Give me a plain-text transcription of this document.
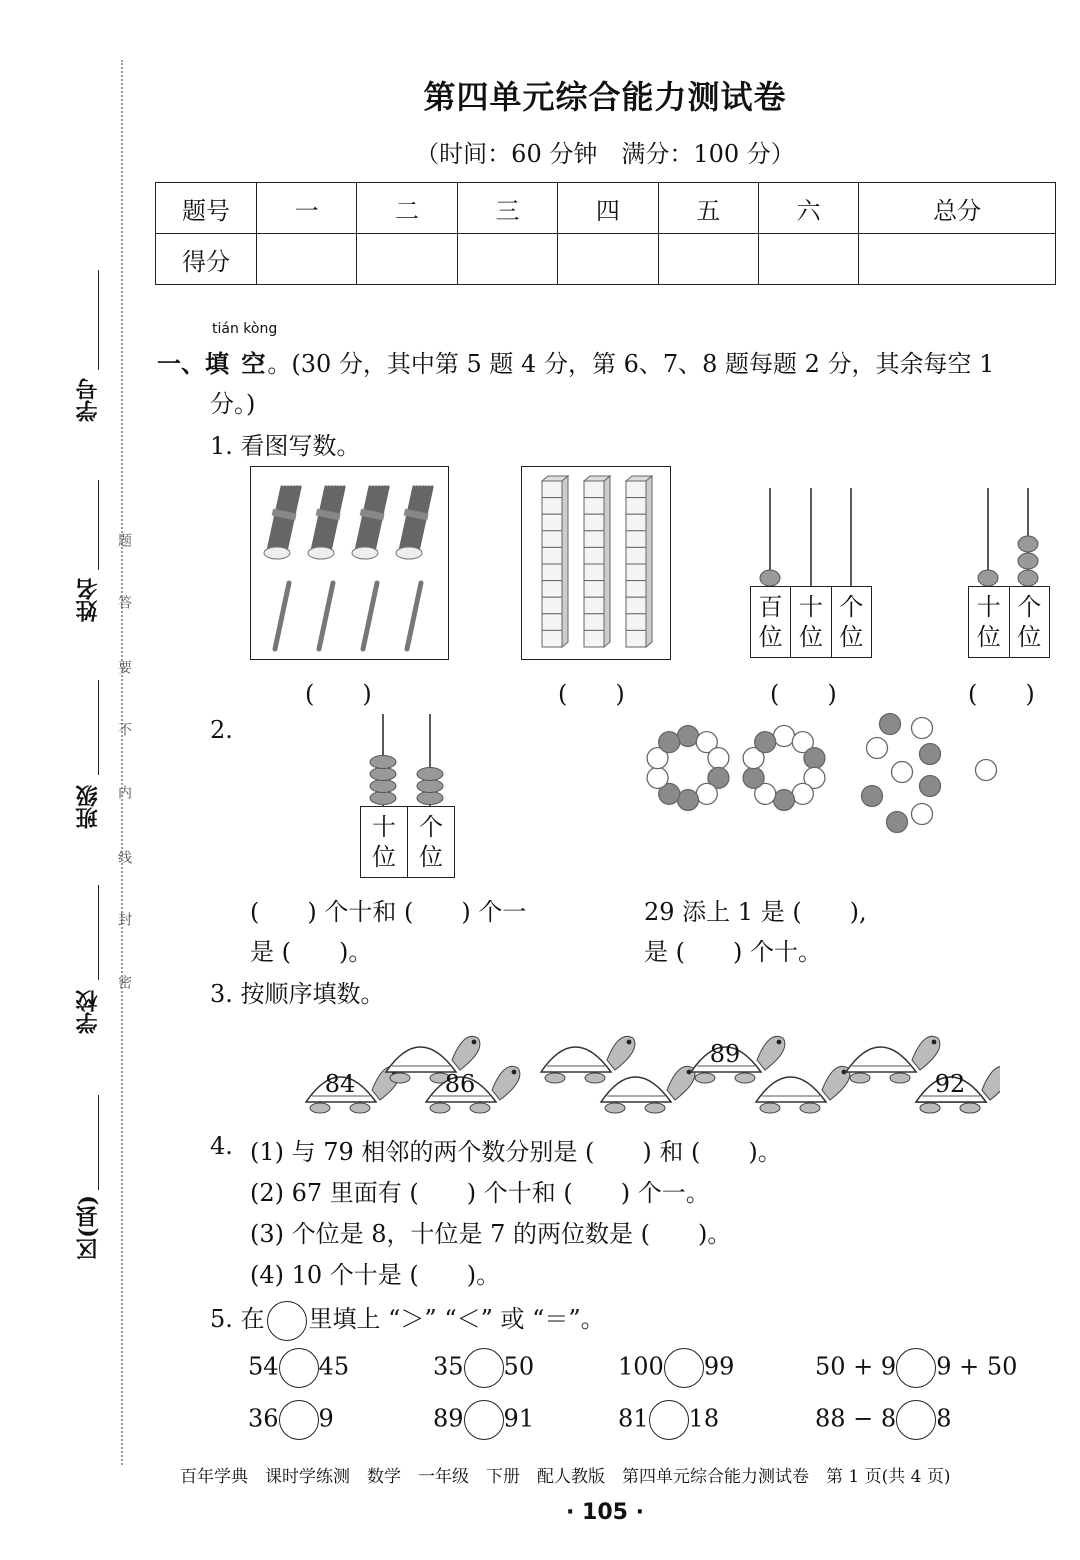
学号
姓名
班级
学校
区(县)
题
答
要
不
内
线
封
密
第四单元综合能力测试卷
（时间：60 分钟　满分：100 分）
题号	一	二	三	四	五	六	总分
得分							
tián kòng
一、填 空。(30 分，其中第 5 题 4 分，第 6、7、8 题每题 2 分，其余每空 1
分。)
1. 看图写数。
百
位
十
位
个
位
十
位
个
位
(　　)	(　　)	(　　)	(　　)
2.
十
位
个
位
(　　) 个十和 (　　) 个一
是 (　　)。
29 添上 1 是 (　　),
是 (　　) 个十。
3. 按顺序填数。
84	86
89
92
4. (1) 与 79 相邻的两个数分别是 (　　) 和 (　　)。
(2) 67 里面有 (　　) 个十和 (　　) 个一。
(3) 个位是 8，十位是 7 的两位数是 (　　)。
(4) 10 个十是 (　　)。
5. 在 里填上 “＞” “＜” 或 “＝”。
54 45	35 50	100 99	50 + 9 9 + 50
36 9	89 91	81 18	88 − 8 8
百年学典　课时学练测　数学　一年级　下册　配人教版　第四单元综合能力测试卷　第 1 页(共 4 页)
· 105 ·
